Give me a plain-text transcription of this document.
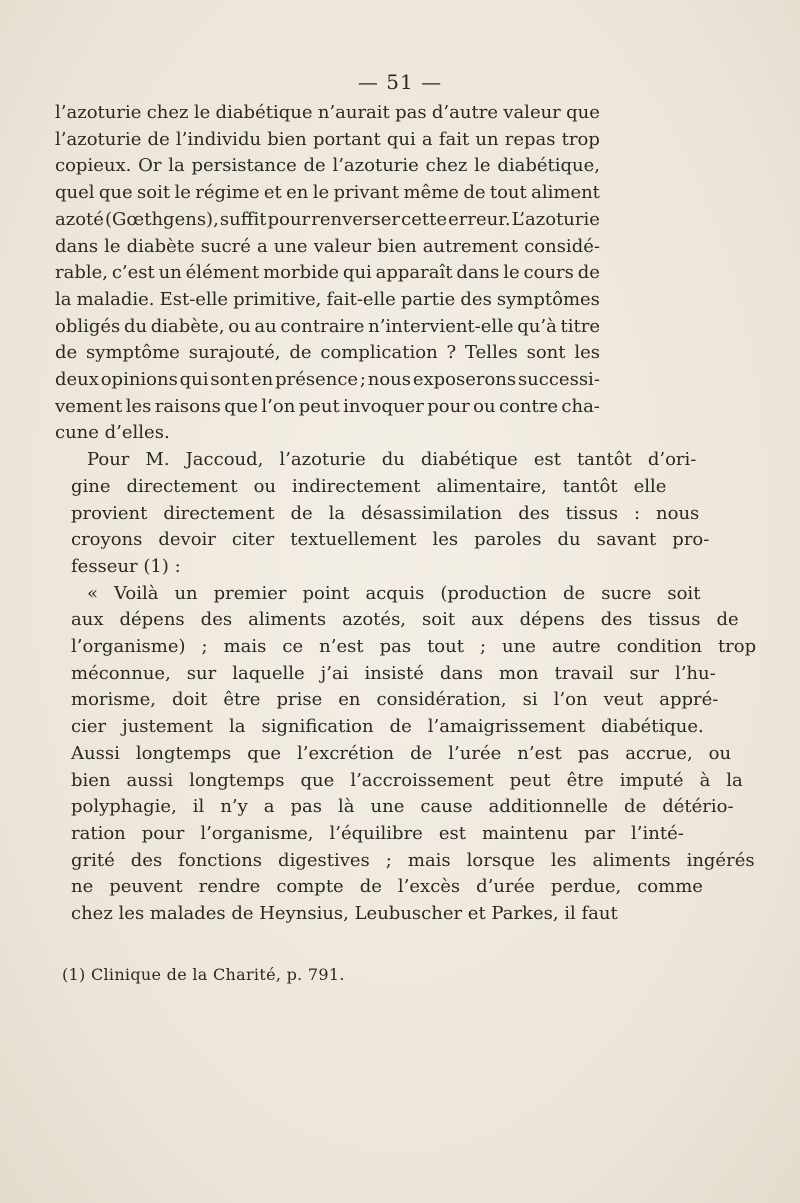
— 51 —
l’azoturie chez le diabétique n’aurait pas d’autre valeur que
l’azoturie de l’individu bien portant qui a fait un repas trop
copieux. Or la persistance de l’azoturie chez le diabétique,
quel que soit le régime et en le privant même de tout aliment
azoté (Gœthgens), suffit pour renverser cette erreur. L’azoturie
dans le diabète sucré a une valeur bien autrement considé-
rable, c’est un élément morbide qui apparaît dans le cours de
la maladie. Est-elle primitive, fait-elle partie des symptômes
obligés du diabète, ou au contraire n’intervient-elle qu’à titre
de symptôme surajouté, de complication ? Telles sont les
deux opinions qui sont en présence ; nous exposerons successi-
vement les raisons que l’on peut invoquer pour ou contre cha-
cune d’elles.
Pour M. Jaccoud, l’azoturie du diabétique est tantôt d’ori-
gine directement ou indirectement alimentaire, tantôt elle
provient directement de la désassimilation des tissus : nous
croyons devoir citer textuellement les paroles du savant pro-
fesseur (1) :
« Voilà un premier point acquis (production de sucre soit
aux dépens des aliments azotés, soit aux dépens des tissus de
l’organisme) ; mais ce n’est pas tout ; une autre condition trop
méconnue, sur laquelle j’ai insisté dans mon travail sur l’hu-
morisme, doit être prise en considération, si l’on veut appré-
cier justement la signification de l’amaigrissement diabétique.
Aussi longtemps que l’excrétion de l’urée n’est pas accrue, ou
bien aussi longtemps que l’accroissement peut être imputé à la
polyphagie, il n’y a pas là une cause additionnelle de détério-
ration pour l’organisme, l’équilibre est maintenu par l’inté-
grité des fonctions digestives ; mais lorsque les aliments ingérés
ne peuvent rendre compte de l’excès d’urée perdue, comme
chez les malades de Heynsius, Leubuscher et Parkes, il faut
(1) Clinique de la Charité, p. 791.
